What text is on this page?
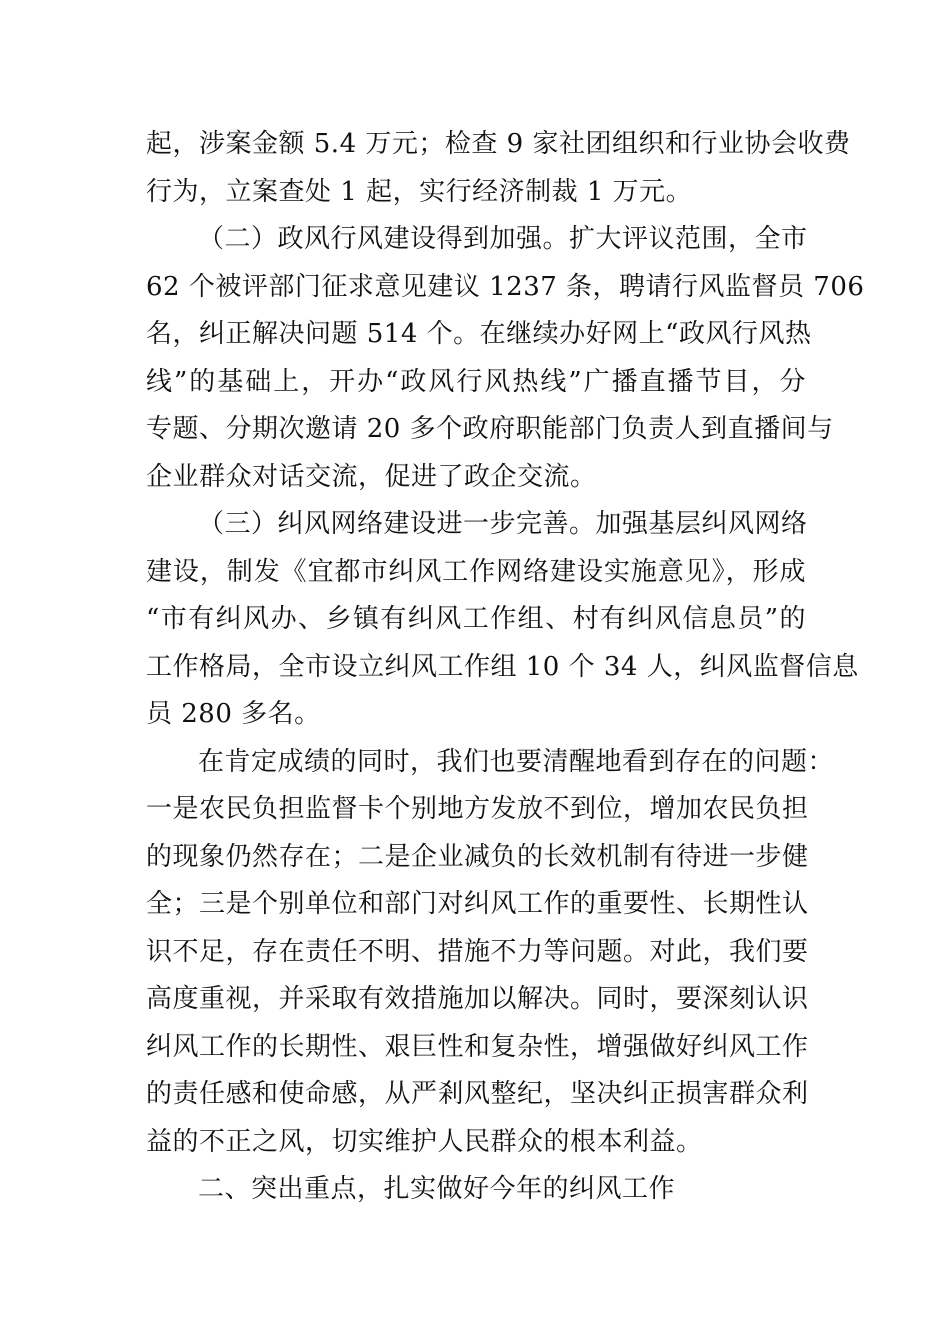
起，涉案金额 5.4 万元；检查 9 家社团组织和行业协会收费
行为，立案查处 1 起，实行经济制裁 1 万元。

（二）政风行风建设得到加强。扩大评议范围，全市
62 个被评部门征求意见建议 1237 条，聘请行风监督员 706
名，纠正解决问题 514 个。在继续办好网上“政风行风热
线”的基础上，开办“政风行风热线”广播直播节目，分
专题、分期次邀请 20 多个政府职能部门负责人到直播间与
企业群众对话交流，促进了政企交流。

（三）纠风网络建设进一步完善。加强基层纠风网络
建设，制发《宜都市纠风工作网络建设实施意见》，形成
“市有纠风办、乡镇有纠风工作组、村有纠风信息员”的
工作格局，全市设立纠风工作组 10 个 34 人，纠风监督信息
员 280 多名。

在肯定成绩的同时，我们也要清醒地看到存在的问题：
一是农民负担监督卡个别地方发放不到位，增加农民负担
的现象仍然存在；二是企业减负的长效机制有待进一步健
全；三是个别单位和部门对纠风工作的重要性、长期性认
识不足，存在责任不明、措施不力等问题。对此，我们要
高度重视，并采取有效措施加以解决。同时，要深刻认识
纠风工作的长期性、艰巨性和复杂性，增强做好纠风工作
的责任感和使命感，从严剎风整纪，坚决纠正损害群众利
益的不正之风，切实维护人民群众的根本利益。

二、突出重点，扎实做好今年的纠风工作
